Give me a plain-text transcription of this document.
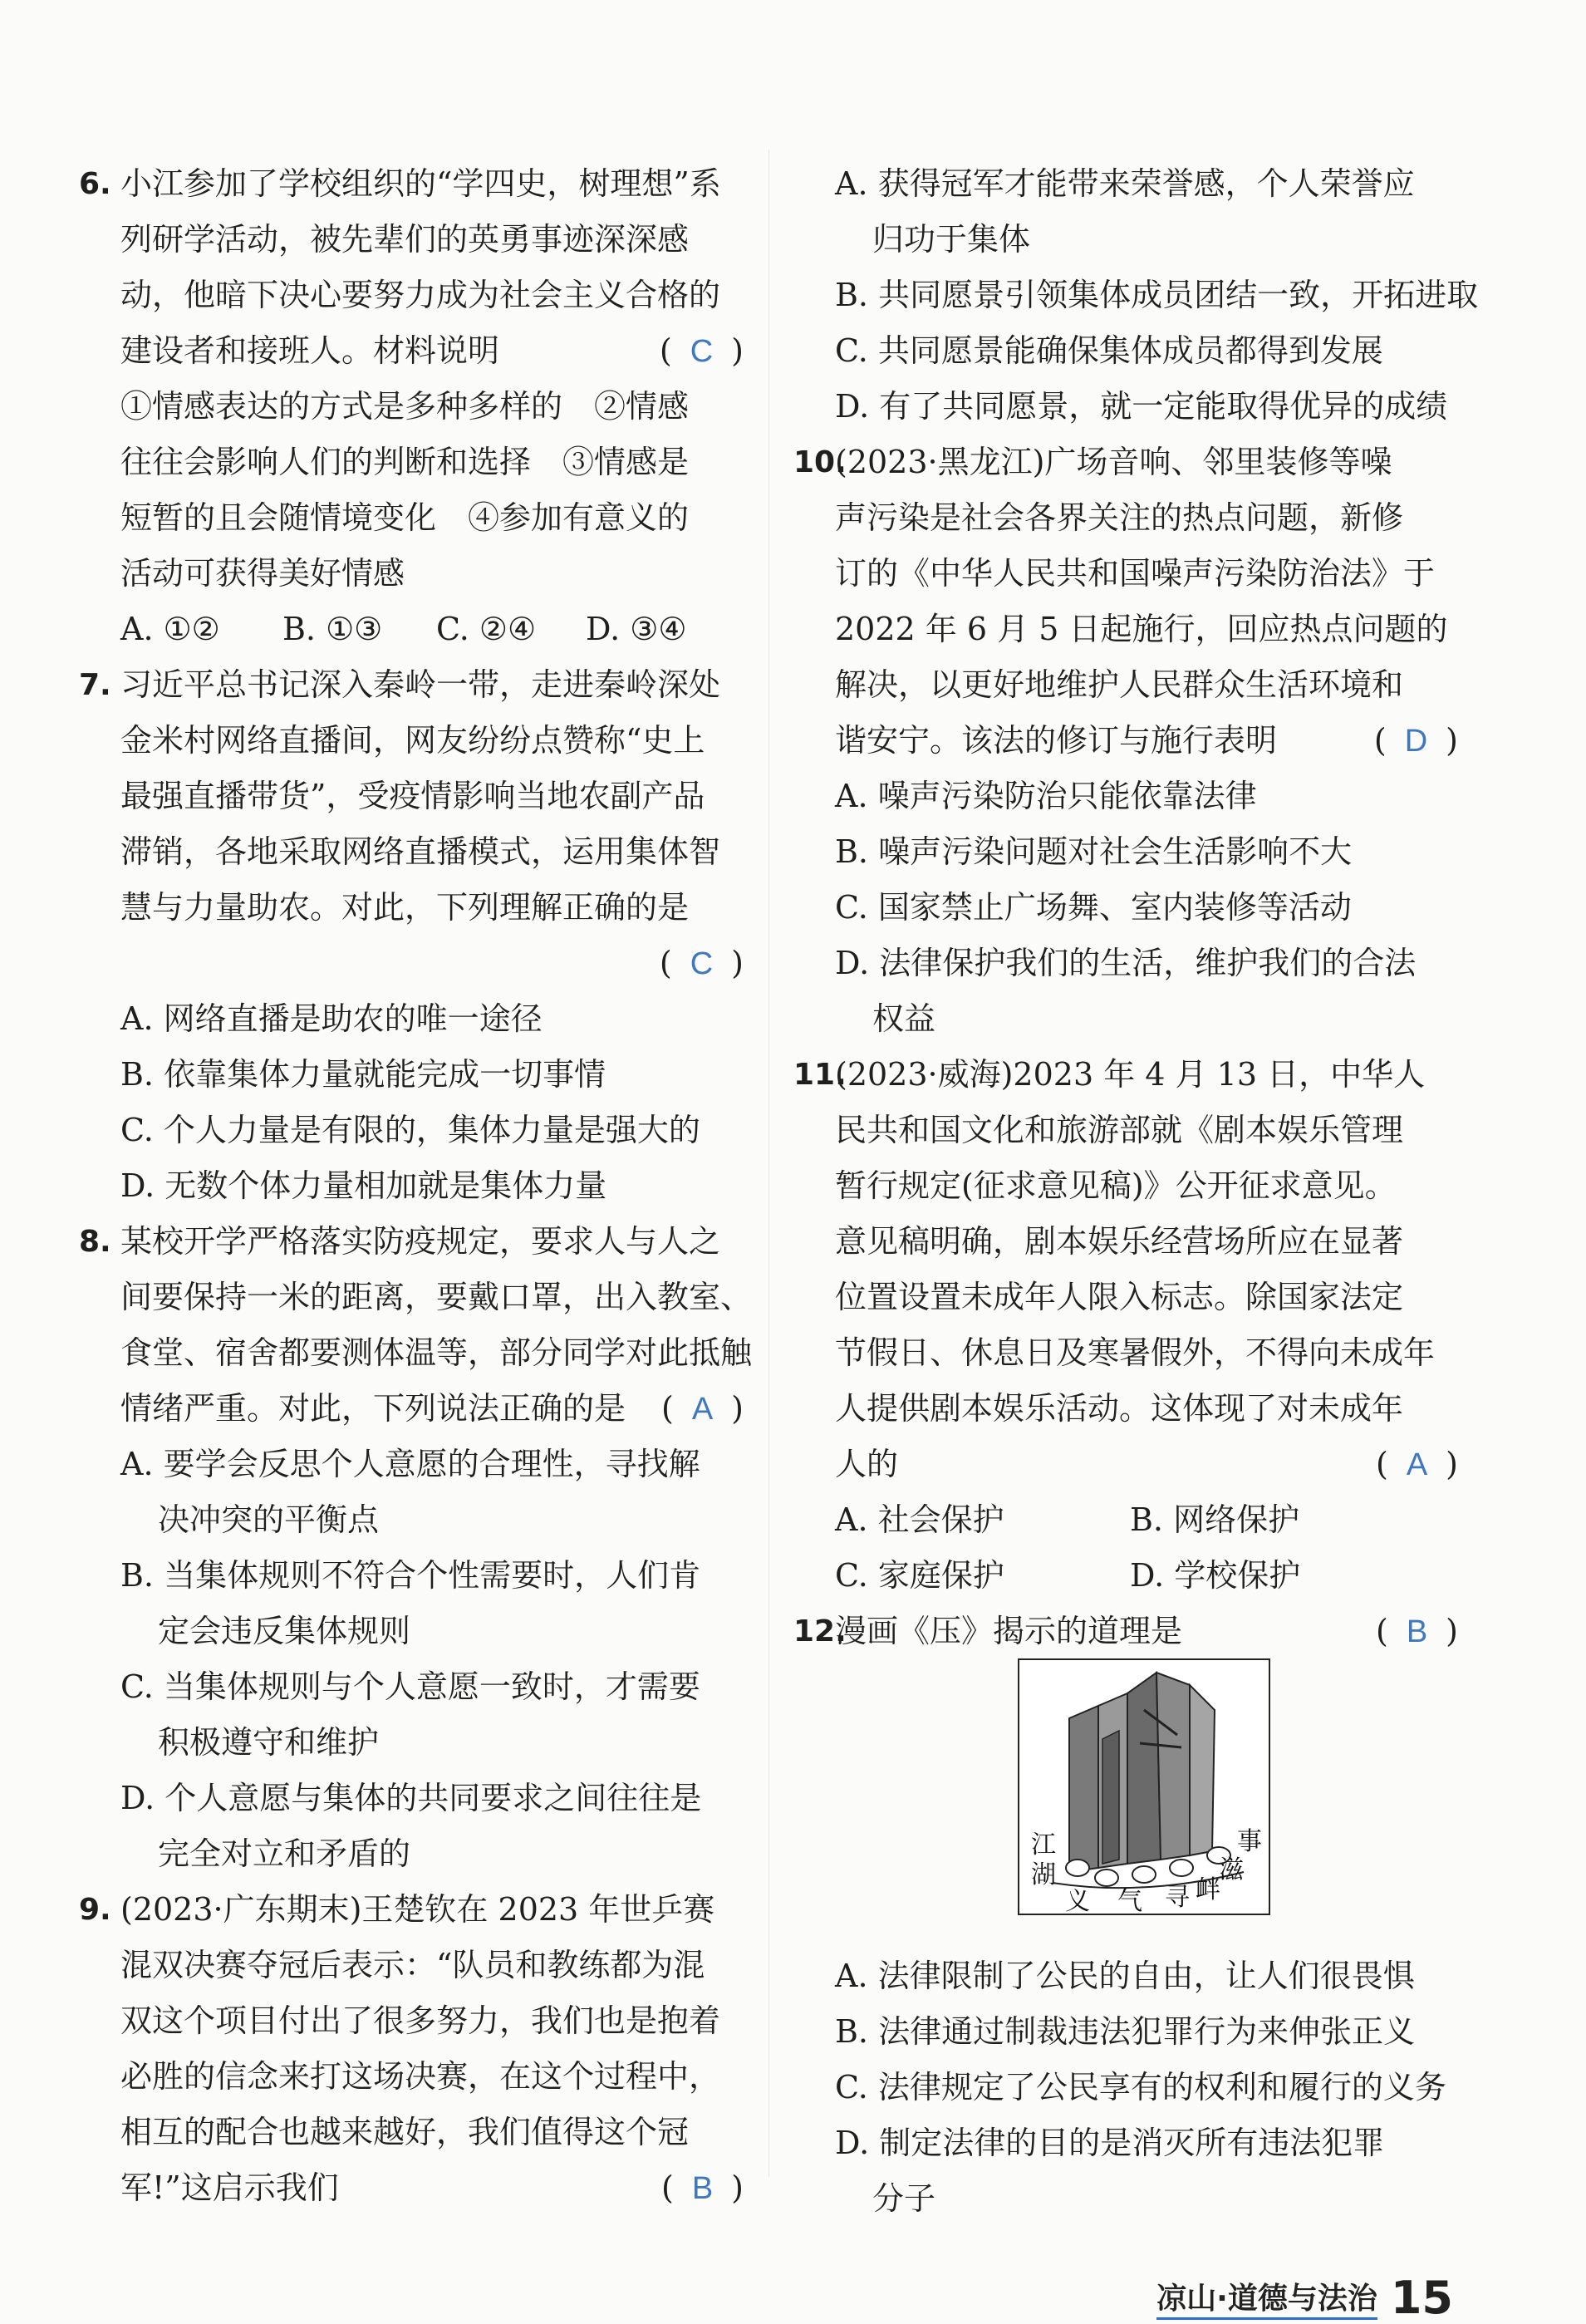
6. 小江参加了学校组织的“学四史，树理想”系
列研学活动，被先辈们的英勇事迹深深感
动，他暗下决心要努力成为社会主义合格的
建设者和接班人。材料说明	( C )
①情感表达的方式是多种多样的　②情感
往往会影响人们的判断和选择　③情感是
短暂的且会随情境变化　④参加有意义的
活动可获得美好情感
A. ①②	B. ①③	C. ②④	D. ③④
7. 习近平总书记深入秦岭一带，走进秦岭深处
金米村网络直播间，网友纷纷点赞称“史上
最强直播带货”，受疫情影响当地农副产品
滞销，各地采取网络直播模式，运用集体智
慧与力量助农。对此，下列理解正确的是
( C )
A. 网络直播是助农的唯一途径
B. 依靠集体力量就能完成一切事情
C. 个人力量是有限的，集体力量是强大的
D. 无数个体力量相加就是集体力量
8. 某校开学严格落实防疫规定，要求人与人之
间要保持一米的距离，要戴口罩，出入教室、
食堂、宿舍都要测体温等，部分同学对此抵触
情绪严重。对此，下列说法正确的是 ( A )
A. 要学会反思个人意愿的合理性，寻找解
决冲突的平衡点
B. 当集体规则不符合个性需要时，人们肯
定会违反集体规则
C. 当集体规则与个人意愿一致时，才需要
积极遵守和维护
D. 个人意愿与集体的共同要求之间往往是
完全对立和矛盾的
9. (2023·广东期末)王楚钦在 2023 年世乒赛
混双决赛夺冠后表示：“队员和教练都为混
双这个项目付出了很多努力，我们也是抱着
必胜的信念来打这场决赛，在这个过程中，
相互的配合也越来越好，我们值得这个冠
军!”这启示我们	( B )
A. 获得冠军才能带来荣誉感，个人荣誉应
归功于集体
B. 共同愿景引领集体成员团结一致，开拓进取
C. 共同愿景能确保集体成员都得到发展
D. 有了共同愿景，就一定能取得优异的成绩
10.
(2023·黑龙江)广场音响、邻里装修等噪
声污染是社会各界关注的热点问题，新修
订的《中华人民共和国噪声污染防治法》于
2022 年 6 月 5 日起施行，回应热点问题的
解决，以更好地维护人民群众生活环境和
谐安宁。该法的修订与施行表明	( D )
A. 噪声污染防治只能依靠法律
B. 噪声污染问题对社会生活影响不大
C. 国家禁止广场舞、室内装修等活动
D. 法律保护我们的生活，维护我们的合法
权益
11.
(2023·威海)2023 年 4 月 13 日，中华人
民共和国文化和旅游部就《剧本娱乐管理
暂行规定(征求意见稿)》公开征求意见。
意见稿明确，剧本娱乐经营场所应在显著
位置设置未成年人限入标志。除国家法定
节假日、休息日及寒暑假外，不得向未成年
人提供剧本娱乐活动。这体现了对未成年
人的	( A )
A. 社会保护	B. 网络保护
C. 家庭保护	D. 学校保护
12.
漫画《压》揭示的道理是	( B )
江
湖
义 气 寻 衅
滋
事
A. 法律限制了公民的自由，让人们很畏惧
B. 法律通过制裁违法犯罪行为来伸张正义
C. 法律规定了公民享有的权利和履行的义务
D. 制定法律的目的是消灭所有违法犯罪
分子
凉山·道德与法治 15
